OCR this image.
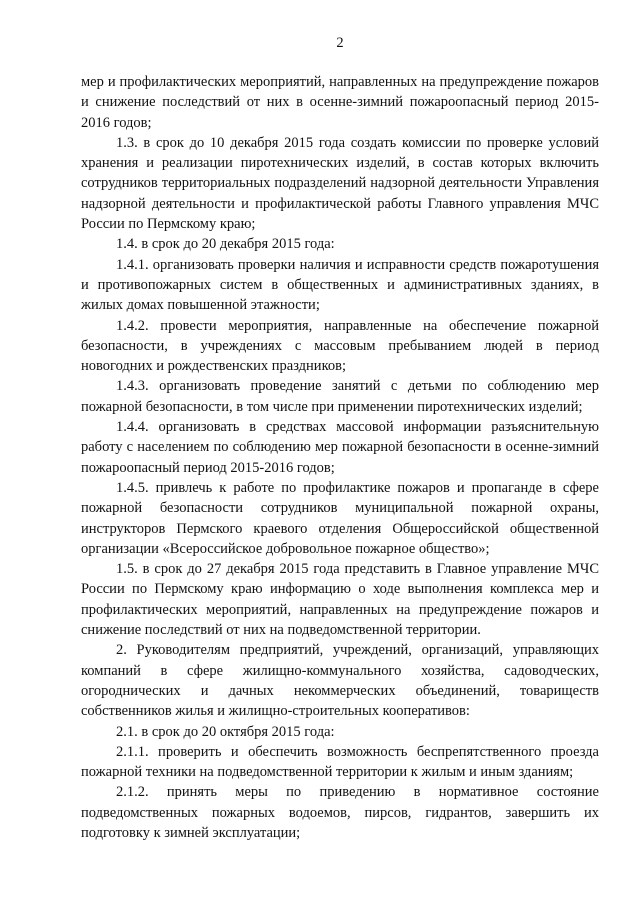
2

мер и профилактических мероприятий, направленных на предупреждение пожаров и снижение последствий от них в осенне-зимний пожароопасный период 2015-2016 годов;

1.3. в срок до 10 декабря 2015 года создать комиссии по проверке условий хранения и реализации пиротехнических изделий, в состав которых включить сотрудников территориальных подразделений надзорной деятельности Управления надзорной деятельности и профилактической работы Главного управления МЧС России по Пермскому краю;

1.4. в срок до 20 декабря 2015 года:

1.4.1. организовать проверки наличия и исправности средств пожаротушения и противопожарных систем в общественных и административных зданиях, в жилых домах повышенной этажности;

1.4.2. провести мероприятия, направленные на обеспечение пожарной безопасности, в учреждениях с массовым пребыванием людей в период новогодних и рождественских праздников;

1.4.3. организовать проведение занятий с детьми по соблюдению мер пожарной безопасности, в том числе при применении пиротехнических изделий;

1.4.4. организовать в средствах массовой информации разъяснительную работу с населением по соблюдению мер пожарной безопасности в осенне-зимний пожароопасный период 2015-2016 годов;

1.4.5. привлечь к работе по профилактике пожаров и пропаганде в сфере пожарной безопасности сотрудников муниципальной пожарной охраны, инструкторов Пермского краевого отделения Общероссийской общественной организации «Всероссийское добровольное пожарное общество»;

1.5. в срок до 27 декабря 2015 года представить в Главное управление МЧС России по Пермскому краю информацию о ходе выполнения комплекса мер и профилактических мероприятий, направленных на предупреждение пожаров и снижение последствий от них на подведомственной территории.

2. Руководителям предприятий, учреждений, организаций, управляющих компаний в сфере жилищно-коммунального хозяйства, садоводческих, огороднических и дачных некоммерческих объединений, товариществ собственников жилья и жилищно-строительных кооперативов:

2.1. в срок до 20 октября 2015 года:

2.1.1. проверить и обеспечить возможность беспрепятственного проезда пожарной техники на подведомственной территории к жилым и иным зданиям;

2.1.2. принять меры по приведению в нормативное состояние подведомственных пожарных водоемов, пирсов, гидрантов, завершить их подготовку к зимней эксплуатации;
